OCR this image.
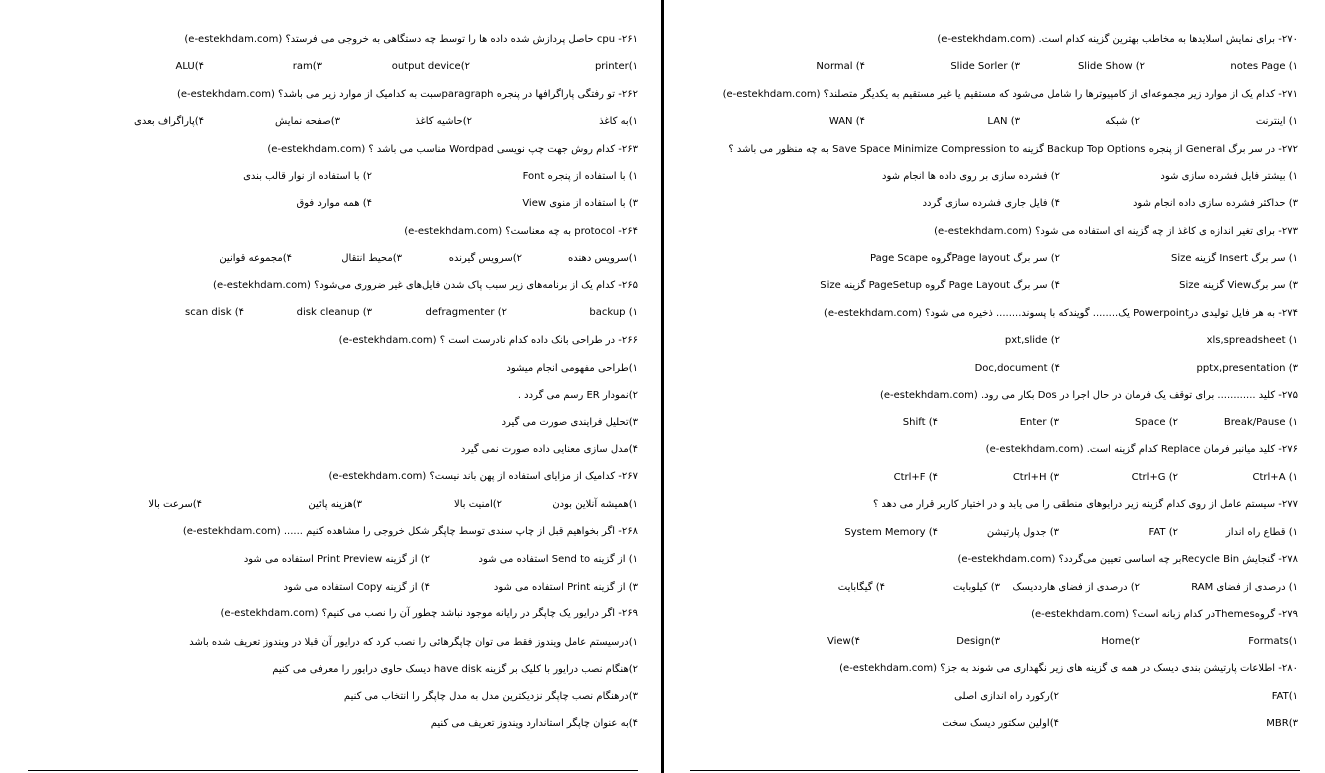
۲۶۱- cpu حاصل پردازش شده داده ها را توسط چه دستگاهی به خروجی می فرستد؟ (e-estekhdam.com)
۱)printer
۲)output device
۳)ram
۴)ALU
۲۶۲- تو رفتگی پاراگرافها در پنجره paragraphسبت به کدامیک از موارد زیر می باشد؟ (e-estekhdam.com)
۱)به کاغذ
۲)حاشیه کاغذ
۳)صفحه نمایش
۴)پاراگراف بعدی
۲۶۳- کدام روش جهت چپ نویسی Wordpad مناسب می باشد ؟ (e-estekhdam.com)
۱) با استفاده از پنجره Font
۲) با استفاده از نوار قالب بندی
۳) با استفاده از منوی View
۴) همه موارد فوق
۲۶۴- protocol به چه معناست؟ (e-estekhdam.com)
۱)سرویس دهنده
۲)سرویس گیرنده
۳)محیط انتقال
۴)مجموعه قوانین
۲۶۵- کدام یک از برنامه‌های زیر سبب پاک شدن فایل‌های غیر ضروری می‌شود؟ (e-estekhdam.com)
۱) backup
۲) defragmenter
۳) disk cleanup
۴) scan disk
۲۶۶- در طراحی بانک داده کدام نادرست است ؟ (e-estekhdam.com)
۱)طراحی مفهومی انجام میشود
۲)نمودار ER رسم می گردد .
۳)تحلیل فرایندی صورت می گیرد
۴)مدل سازی معنایی داده صورت نمی گیرد
۲۶۷- کدامیک از مزایای استفاده از پهن باند نیست؟ (e-estekhdam.com)
۱)همیشه آنلاین بودن
۲)امنیت بالا
۳)هزینه پائین
۴)سرعت بالا
۲۶۸- اگر بخواهیم قبل از چاپ سندی توسط چاپگر شکل خروجی را مشاهده کنیم ...... (e-estekhdam.com)
۱) از گزینه Send to استفاده می شود
۲) از گزینه Print Preview استفاده می شود
۳) از گزینه Print استفاده می شود
۴) از گزینه Copy استفاده می شود
۲۶۹- اگر درایور یک چاپگر در رایانه موجود نباشد چطور آن را نصب می کنیم؟ (e-estekhdam.com)
۱)درسیستم عامل ویندوز فقط می توان چاپگرهائی را نصب کرد که درایور آن قبلا در ویندوز تعریف شده باشد
۲)هنگام نصب درایور با کلیک بر گزینه have disk دیسک حاوی درایور را معرفی می کنیم
۳)درهنگام نصب چاپگر نزدیکترین مدل به مدل چاپگر را انتخاب می کنیم
۴)به عنوان چاپگر استاندارد ویندوز تعریف می کنیم
۲۷۰- برای نمایش اسلایدها به مخاطب بهترین گزینه کدام است. (e-estekhdam.com)
۱) notes Page
۲) Slide Show
۳) Slide Sorler
۴) Normal
۲۷۱- کدام یک از موارد زیر مجموعه‌ای از کامپیوترها را شامل می‌شود که مستقیم یا غیر مستقیم به یکدیگر متصلند؟ (e-estekhdam.com)
۱) اینترنت
۲) شبکه
۳) LAN
۴) WAN
۲۷۲- در سر برگ General از پنجره Backup Top Options گزینه Save Space Minimize Compression to به چه منظور می باشد ؟
۱) بیشتر فایل فشرده سازی شود
۲) فشرده سازی بر روی داده ها انجام شود
۳) حداکثر فشرده سازی داده انجام شود
۴) فایل جاری فشرده سازی گردد
۲۷۳- برای تغیر اندازه ی کاغذ از چه گزینه ای استفاده می شود؟ (e-estekhdam.com)
۱) سر برگ Insert گزینه Size
۲) سر برگ Page layoutگروه Page Scape
۳) سر برگView گزینه Size
۴) سر برگ Page Layout گروه PageSetup گزینه Size
۲۷۴- به هر فایل تولیدی درPowerpoint یک........ گویندکه با پسوند........ ذخیره می شود؟ (e-estekhdam.com)
۱) xls,spreadsheet
۲) pxt,slide
۳) pptx,presentation
۴) Doc,document
۲۷۵- کلید ............ برای توقف یک فرمان در حال اجرا در Dos بکار می رود. (e-estekhdam.com)
۱) Break/Pause
۲) Space
۳) Enter
۴) Shift
۲۷۶- کلید میانبر فرمان Replace کدام گزینه است. (e-estekhdam.com)
۱) Ctrl+A
۲) Ctrl+G
۳) Ctrl+H
۴) Ctrl+F
۲۷۷- سیستم عامل از روی کدام گزینه زیر درایوهای منطقی را می یابد و در اختیار کاربر قرار می دهد ؟
۱) قطاع راه انداز
۲) FAT
۳) جدول پارتیشن
۴) System Memory
۲۷۸- گنجایش Recycle Binبر چه اساسی تعیین می‌گردد؟ (e-estekhdam.com)
۱) درصدی از فضای RAM
۲) درصدی از فضای هارددیسک
۳) کیلوبایت
۴) گیگابایت
۲۷۹- گروهThemesدر کدام زبانه است؟ (e-estekhdam.com)
۱)Formats
۲)Home
۳)Design
۴)View
۲۸۰- اطلاعات پارتیشن بندی دیسک در همه ی گزینه های زیر نگهداری می شوند به جز؟ (e-estekhdam.com)
۱)FAT
۲)رکورد راه اندازی اصلی
۳)MBR
۴)اولین سکتور دیسک سخت
